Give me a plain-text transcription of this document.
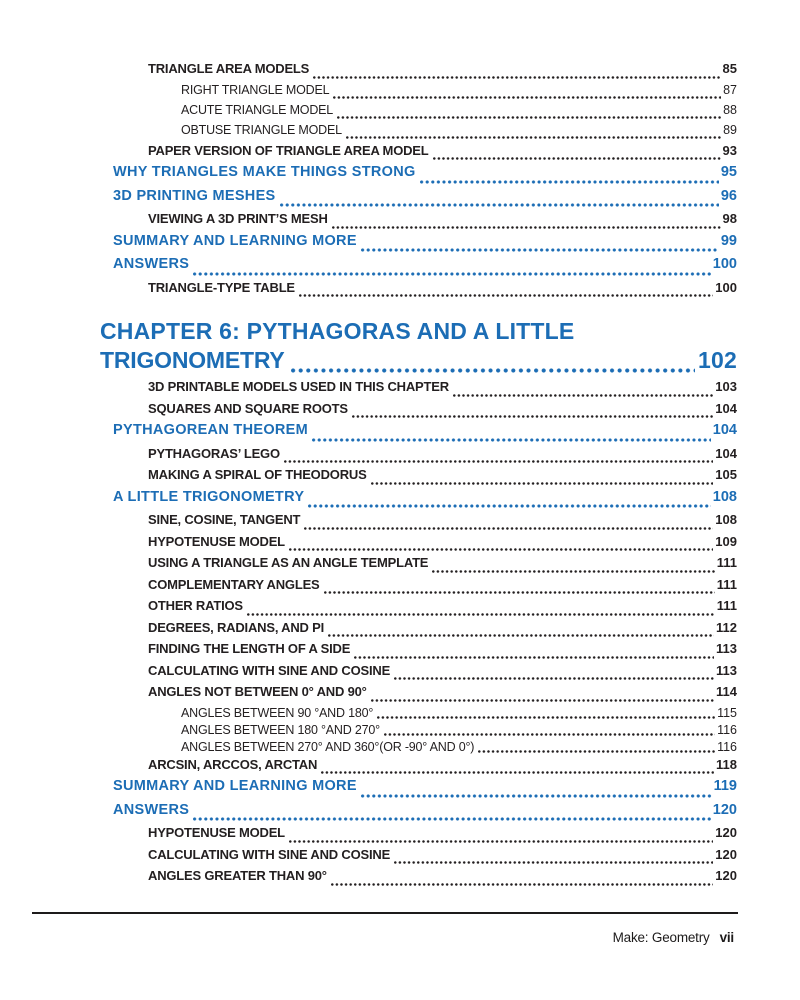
TRIANGLE AREA MODELS	85
RIGHT TRIANGLE MODEL	87
ACUTE TRIANGLE MODEL	88
OBTUSE TRIANGLE MODEL	89
PAPER VERSION OF TRIANGLE AREA MODEL	93
WHY TRIANGLES MAKE THINGS STRONG	95
3D PRINTING MESHES	96
VIEWING A 3D PRINT’S MESH	98
SUMMARY AND LEARNING MORE	99
ANSWERS	100
TRIANGLE-TYPE TABLE	100
CHAPTER 6: PYTHAGORAS AND A LITTLE
TRIGONOMETRY	102
3D PRINTABLE MODELS USED IN THIS CHAPTER	103
SQUARES AND SQUARE ROOTS	104
PYTHAGOREAN THEOREM	104
PYTHAGORAS’ LEGO	104
MAKING A SPIRAL OF THEODORUS	105
A LITTLE TRIGONOMETRY	108
SINE, COSINE, TANGENT	108
HYPOTENUSE MODEL	109
USING A TRIANGLE AS AN ANGLE TEMPLATE	111
COMPLEMENTARY ANGLES	111
OTHER RATIOS	111
DEGREES, RADIANS, AND PI	112
FINDING THE LENGTH OF A SIDE	113
CALCULATING WITH SINE AND COSINE	113
ANGLES NOT BETWEEN 0° AND 90°	114
ANGLES BETWEEN 90 °AND 180°	115
ANGLES BETWEEN 180 °AND 270°	116
ANGLES BETWEEN 270° AND 360°(OR -90° AND 0°)	116
ARCSIN, ARCCOS, ARCTAN	118
SUMMARY AND LEARNING MORE	119
ANSWERS	120
HYPOTENUSE MODEL	120
CALCULATING WITH SINE AND COSINE	120
ANGLES GREATER THAN 90°	120
Make: Geometry vii
